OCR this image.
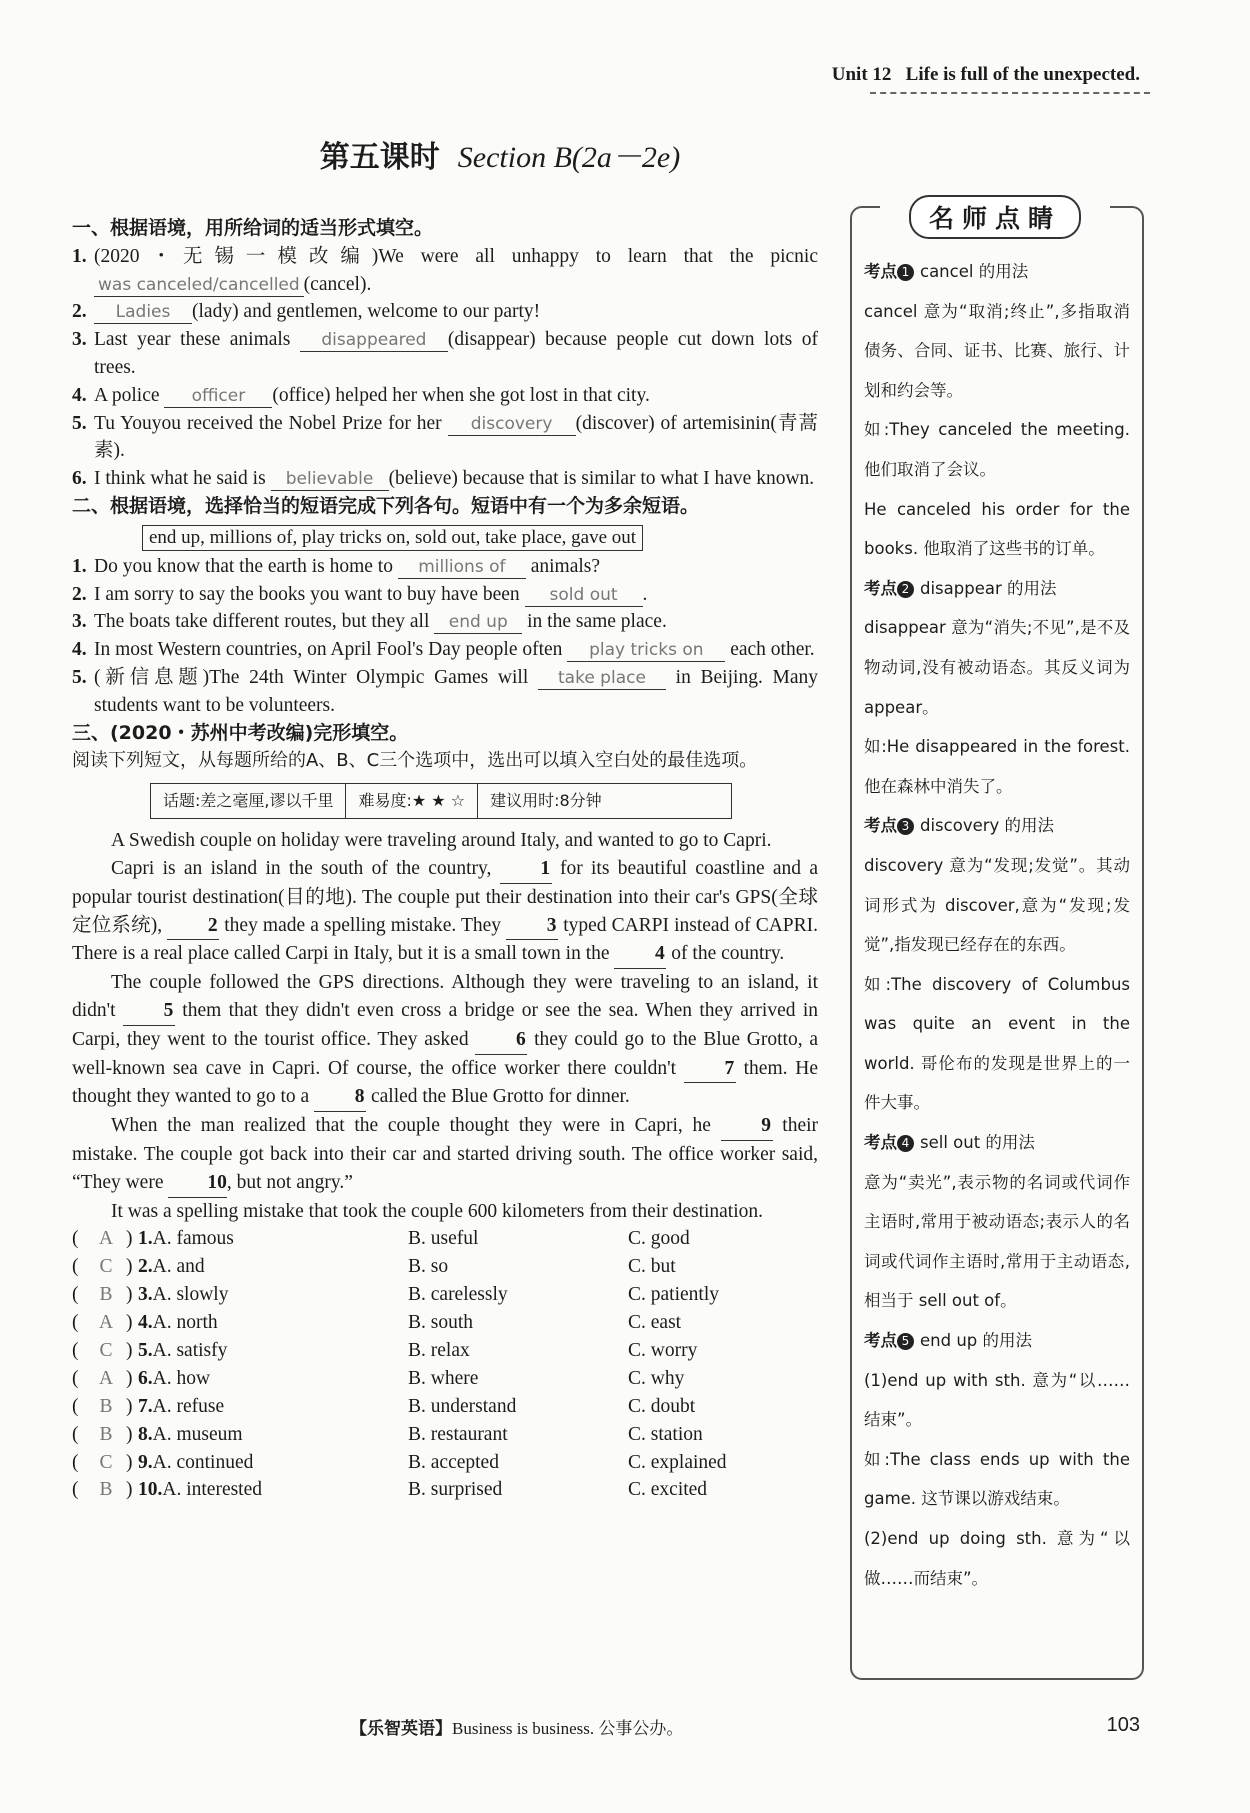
Unit 12 Life is full of the unexpected.
第五课时 Section B(2a－2e)
一、根据语境，用所给词的适当形式填空。
1. (2020・无锡一模改编)We were all unhappy to learn that the picnic was canceled/cancelled (cancel).
2.	Ladies (lady) and gentlemen, welcome to our party!
3. Last year these animals disappeared (disappear) because people cut down lots of trees.
4. A police officer (office) helped her when she got lost in that city.
5. Tu Youyou received the Nobel Prize for her discovery (discover) of artemisinin(青蒿素).
6. I think what he said is believable (believe) because that is similar to what I have known.
二、根据语境，选择恰当的短语完成下列各句。短语中有一个为多余短语。
end up, millions of, play tricks on, sold out, take place, gave out
1. Do you know that the earth is home to millions of animals?
2. I am sorry to say the books you want to buy have been sold out .
3. The boats take different routes, but they all end up in the same place.
4. In most Western countries, on April Fool's Day people often play tricks on each other.
5. (新信息题)The 24th Winter Olympic Games will take place in Beijing. Many students want to be volunteers.
三、(2020・苏州中考改编)完形填空。
阅读下列短文，从每题所给的A、B、C三个选项中，选出可以填入空白处的最佳选项。
话题:差之毫厘,谬以千里	难易度:★ ★ ☆	建议用时:8分钟
A Swedish couple on holiday were traveling around Italy, and wanted to go to Capri.
Capri is an island in the south of the country, 1 for its beautiful coastline and a popular tourist destination(目的地). The couple put their destination into their car's GPS(全球定位系统), 2 they made a spelling mistake. They 3 typed CARPI instead of CAPRI. There is a real place called Carpi in Italy, but it is a small town in the 4 of the country.
The couple followed the GPS directions. Although they were traveling to an island, it didn't 5 them that they didn't even cross a bridge or see the sea. When they arrived in Carpi, they went to the tourist office. They asked 6 they could go to the Blue Grotto, a well-known sea cave in Capri. Of course, the office worker there couldn't 7 them. He thought they wanted to go to a 8 called the Blue Grotto for dinner.
When the man realized that the couple thought they were in Capri, he 9 their mistake. The couple got back into their car and started driving south. The office worker said, “They were 10, but not angry.”
It was a spelling mistake that took the couple 600 kilometers from their destination.
(	A ) 1.A. famous	B. useful	C. good
(	C ) 2.A. and	B. so	C. but
(	B ) 3.A. slowly	B. carelessly	C. patiently
(	A ) 4.A. north	B. south	C. east
(	C ) 5.A. satisfy	B. relax	C. worry
(	A ) 6.A. how	B. where	C. why
(	B ) 7.A. refuse	B. understand	C. doubt
(	B ) 8.A. museum	B. restaurant	C. station
(	C ) 9.A. continued	B. accepted	C. explained
(	B ) 10.A. interested	B. surprised	C. excited
名师点睛
考点 1 cancel 的用法
cancel 意为“取消;终止”,多指取消债务、合同、证书、比赛、旅行、计划和约会等。
如:They canceled the meeting. 他们取消了会议。
He canceled his order for the books. 他取消了这些书的订单。
考点 2 disappear 的用法
disappear 意为“消失;不见”,是不及物动词,没有被动语态。其反义词为 appear。
如:He disappeared in the forest. 他在森林中消失了。
考点 3 discovery 的用法
discovery 意为“发现;发觉”。其动词形式为 discover,意为“发现;发觉”,指发现已经存在的东西。
如:The discovery of Columbus was quite an event in the world. 哥伦布的发现是世界上的一件大事。
考点 4 sell out 的用法
意为“卖光”,表示物的名词或代词作主语时,常用于被动语态;表示人的名词或代词作主语时,常用于主动语态,相当于 sell out of。
考点 5 end up 的用法
(1)end up with sth. 意为“以……结束”。
如:The class ends up with the game. 这节课以游戏结束。
(2)end up doing sth. 意为“以做……而结束”。
【乐智英语】Business is business. 公事公办。	103
